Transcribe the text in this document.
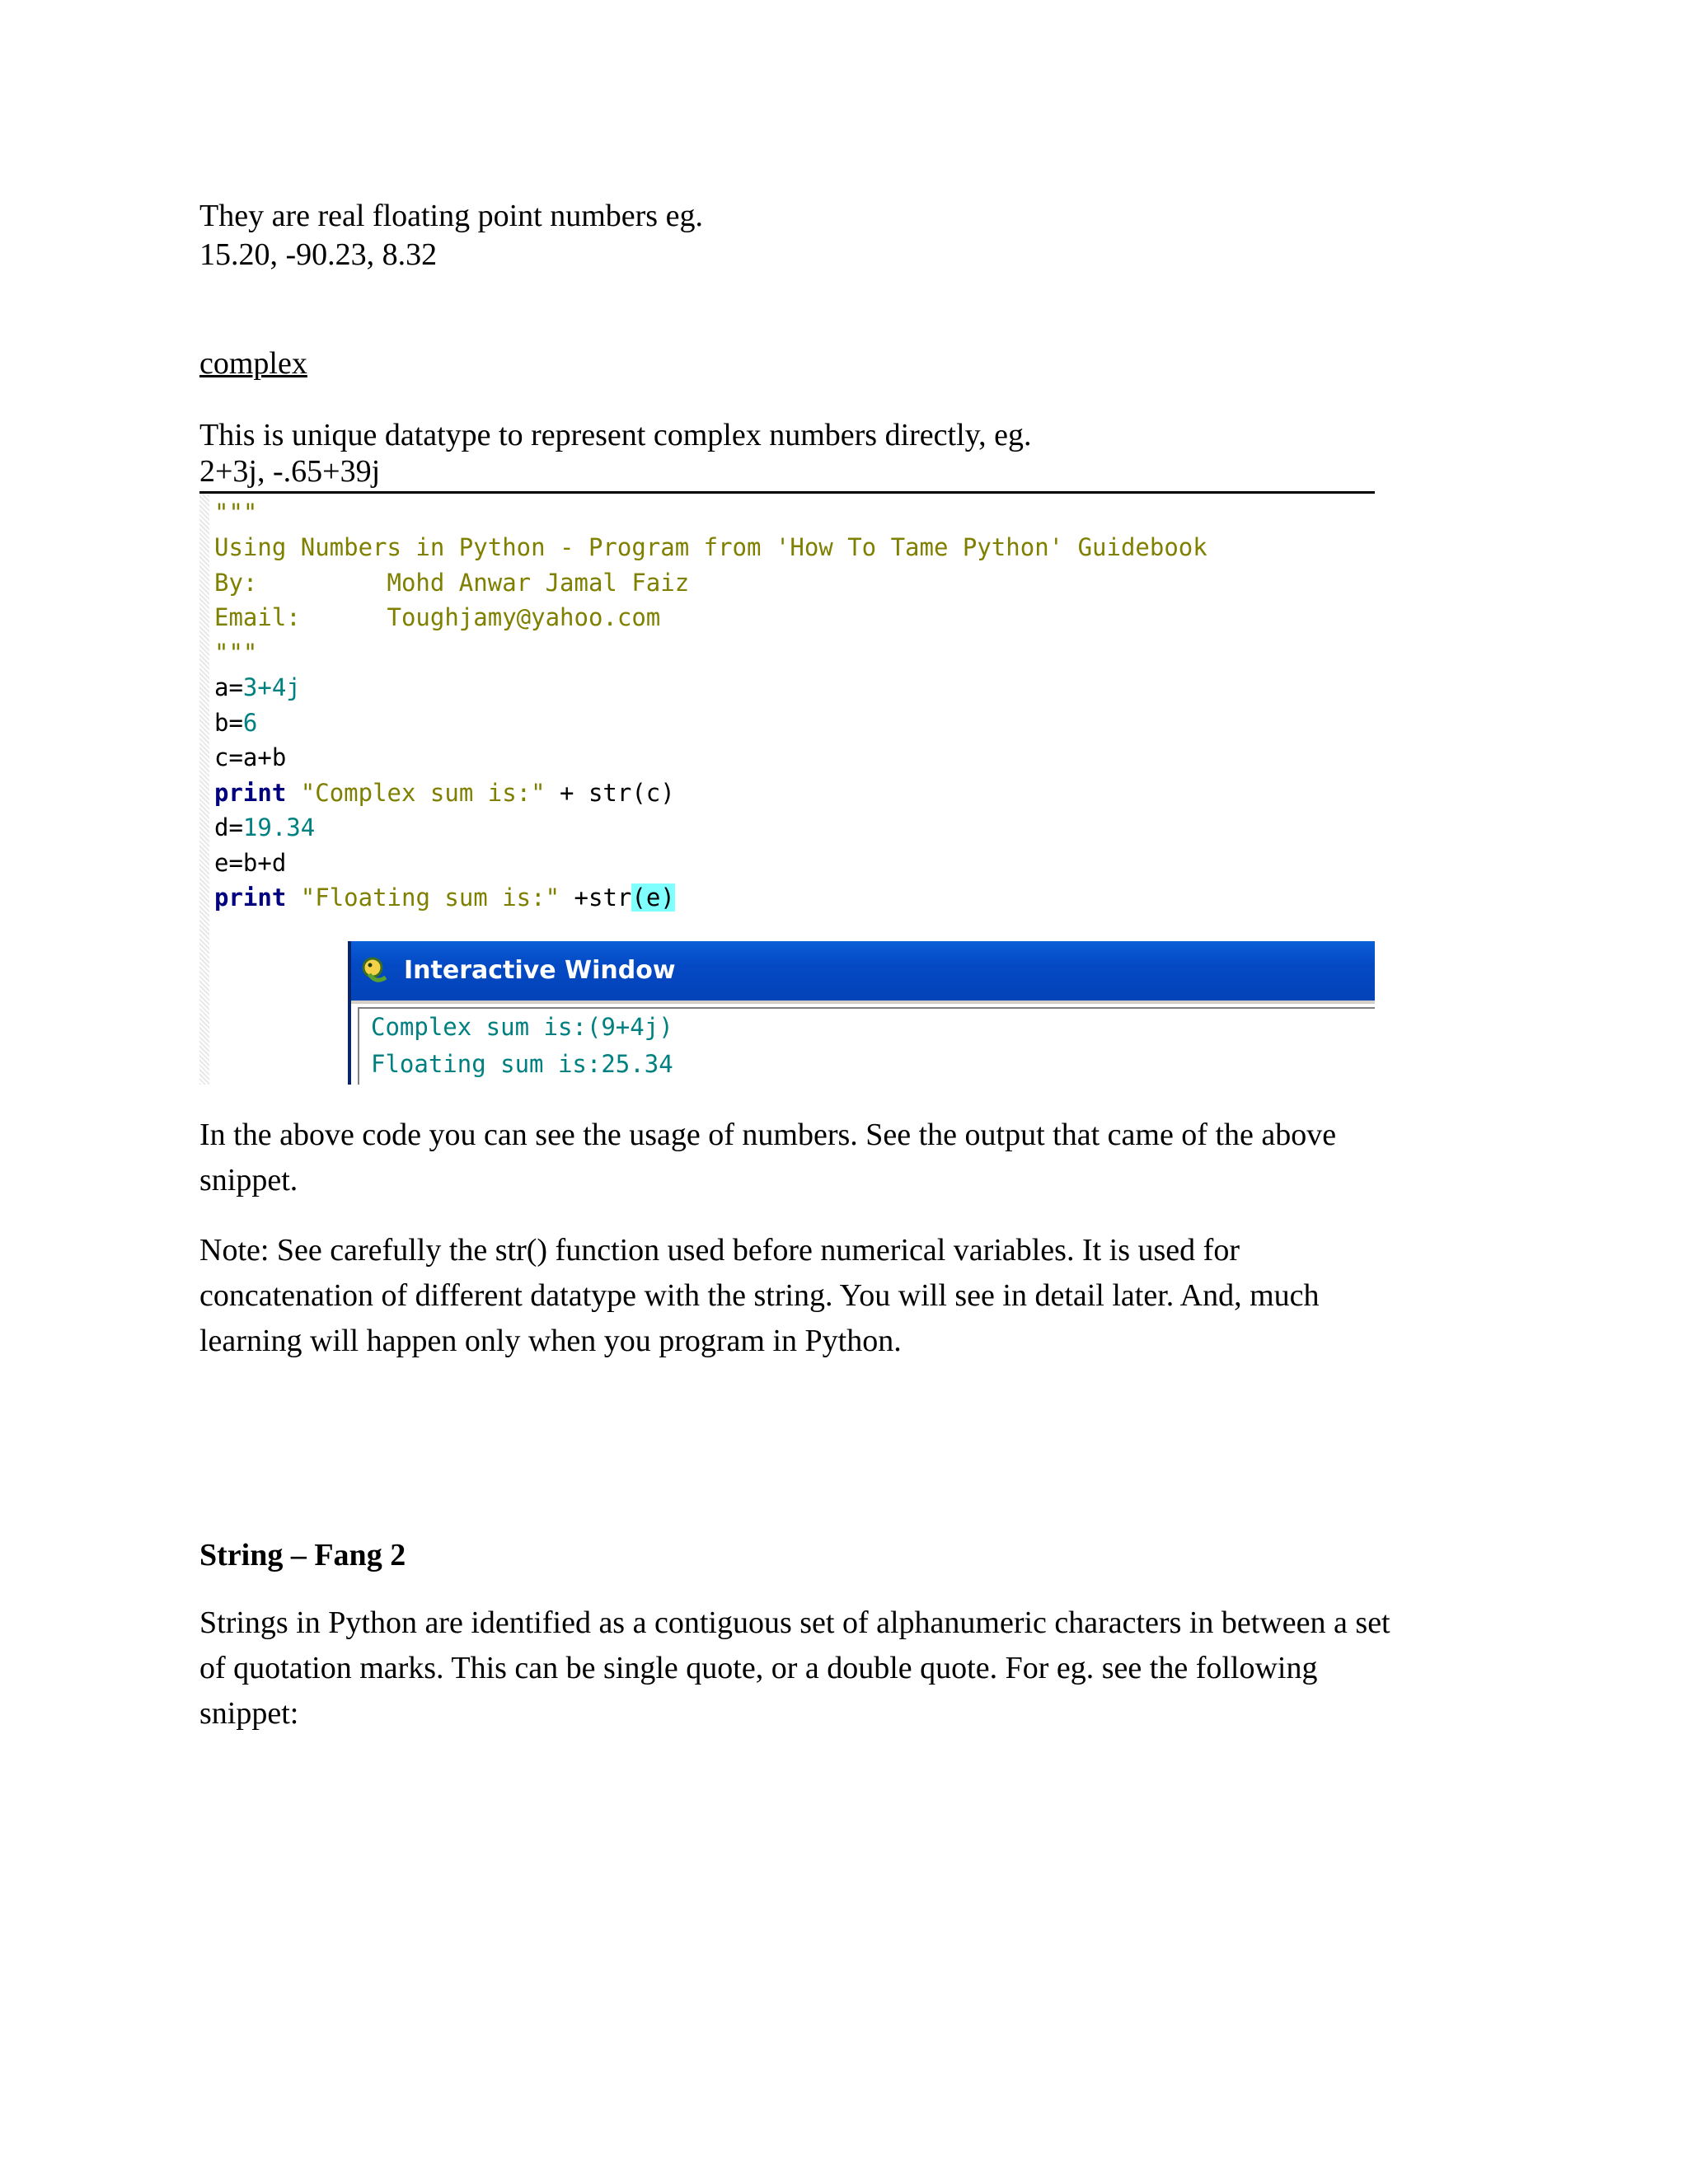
They are real floating point numbers eg.
15.20, -90.23, 8.32
complex
This is unique datatype to represent complex numbers directly, eg.
2+3j, -.65+39j
"""
Using Numbers in Python - Program from 'How To Tame Python' Guidebook
By:         Mohd Anwar Jamal Faiz
Email:      Toughjamy@yahoo.com
"""
a=3+4j
b=6
c=a+b
print "Complex sum is:" + str(c)
d=19.34
e=b+d
print "Floating sum is:" +str(e)
Interactive Window
Complex sum is:(9+4j)
Floating sum is:25.34
In the above code you can see the usage of numbers. See the output that came of the above
snippet.
Note: See carefully the str() function used before numerical variables. It is used for
concatenation of different datatype with the string. You will see in detail later. And, much
learning will happen only when you program in Python.
String – Fang 2
Strings in Python are identified as a contiguous set of alphanumeric characters in between a set
of quotation marks. This can be single quote, or a double quote. For eg. see the following
snippet:
